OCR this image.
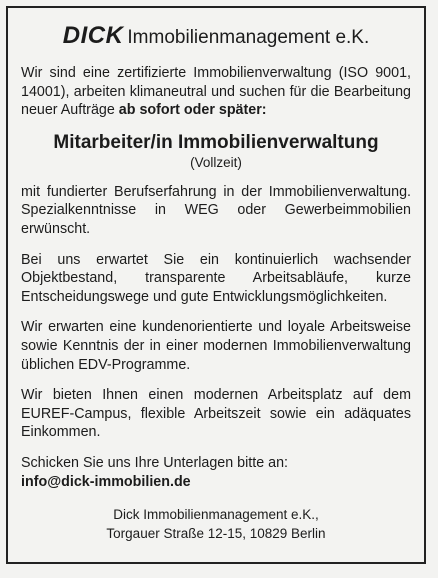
DICK Immobilienmanagement e.K.

Wir sind eine zertifizierte Immobilienverwaltung (ISO 9001, 14001), arbeiten klimaneutral und suchen für die Bearbeitung neuer Aufträge ab sofort oder später:

Mitarbeiter/in Immobilienverwaltung
(Vollzeit)

mit fundierter Berufserfahrung in der Immobilienverwaltung. Spezialkenntnisse in WEG oder Gewerbeimmobilien erwünscht.

Bei uns erwartet Sie ein kontinuierlich wachsender Objektbestand, transparente Arbeitsabläufe, kurze Entscheidungswege und gute Entwicklungsmöglichkeiten.

Wir erwarten eine kundenorientierte und loyale Arbeitsweise sowie Kenntnis der in einer modernen Immobilienverwaltung üblichen EDV-Programme.

Wir bieten Ihnen einen modernen Arbeitsplatz auf dem EUREF-Campus, flexible Arbeitszeit sowie ein adäquates Einkommen.

Schicken Sie uns Ihre Unterlagen bitte an:

info@dick-immobilien.de

Dick Immobilienmanagement e.K.,
Torgauer Straße 12-15, 10829 Berlin
